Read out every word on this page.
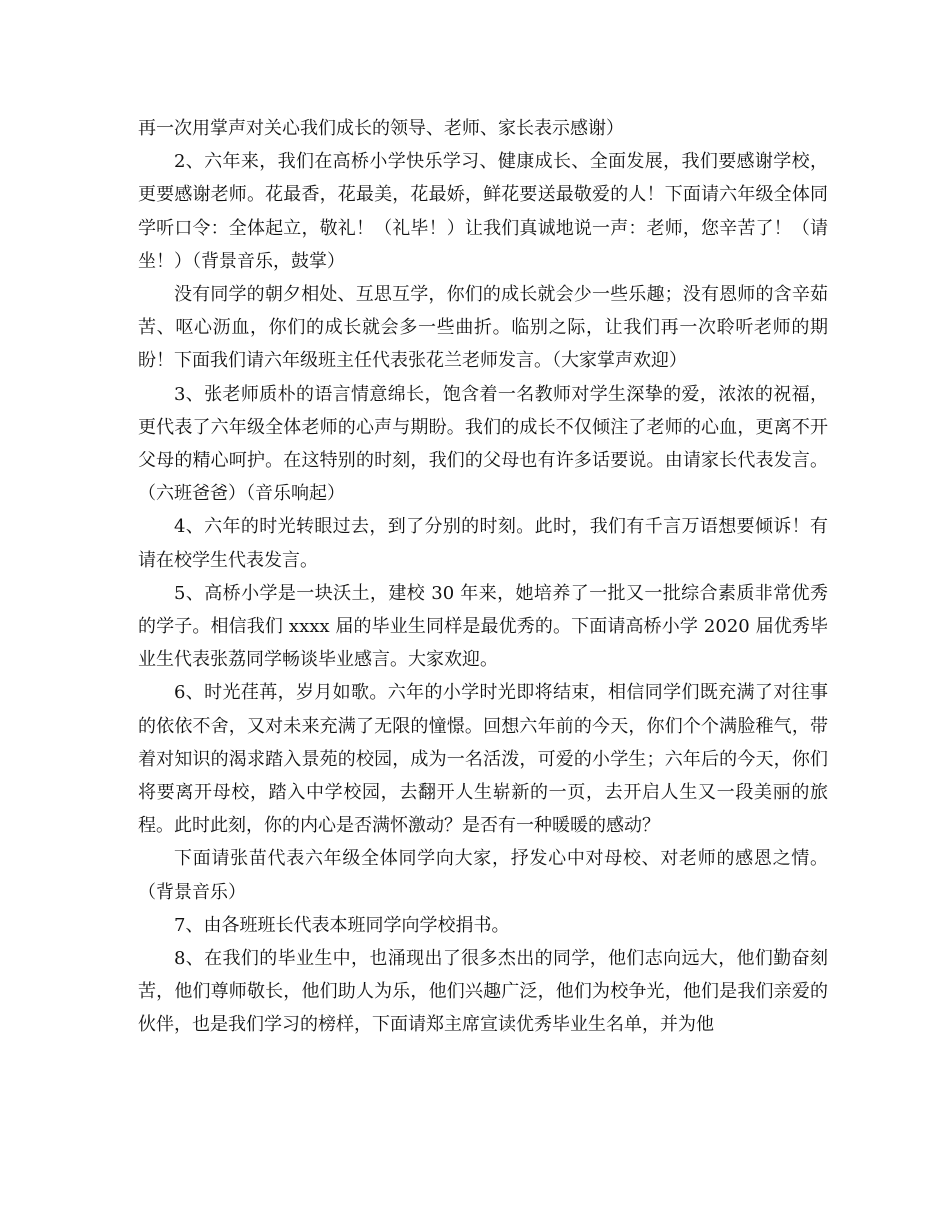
再一次用掌声对关心我们成长的领导、老师、家长表示感谢）

2、六年来，我们在高桥小学快乐学习、健康成长、全面发展，我们要感谢学校，更要感谢老师。花最香，花最美，花最娇，鲜花要送最敬爱的人！下面请六年级全体同学听口令：全体起立，敬礼！（礼毕！）让我们真诚地说一声：老师，您辛苦了！（请坐！）（背景音乐，鼓掌）

没有同学的朝夕相处、互思互学，你们的成长就会少一些乐趣；没有恩师的含辛茹苦、呕心沥血，你们的成长就会多一些曲折。临别之际，让我们再一次聆听老师的期盼！下面我们请六年级班主任代表张花兰老师发言。（大家掌声欢迎）

3、张老师质朴的语言情意绵长，饱含着一名教师对学生深挚的爱，浓浓的祝福，更代表了六年级全体老师的心声与期盼。我们的成长不仅倾注了老师的心血，更离不开父母的精心呵护。在这特别的时刻，我们的父母也有许多话要说。由请家长代表发言。（六班爸爸）（音乐响起）

4、六年的时光转眼过去，到了分别的时刻。此时，我们有千言万语想要倾诉！有请在校学生代表发言。

5、高桥小学是一块沃土，建校 30 年来，她培养了一批又一批综合素质非常优秀的学子。相信我们 xxxx 届的毕业生同样是最优秀的。下面请高桥小学 2020 届优秀毕业生代表张荔同学畅谈毕业感言。大家欢迎。

6、时光荏苒，岁月如歌。六年的小学时光即将结束，相信同学们既充满了对往事的依依不舍，又对未来充满了无限的憧憬。回想六年前的今天，你们个个满脸稚气，带着对知识的渴求踏入景苑的校园，成为一名活泼，可爱的小学生；六年后的今天，你们将要离开母校，踏入中学校园，去翻开人生崭新的一页，去开启人生又一段美丽的旅程。此时此刻，你的内心是否满怀激动？是否有一种暖暖的感动？

下面请张苗代表六年级全体同学向大家，抒发心中对母校、对老师的感恩之情。（背景音乐）

7、由各班班长代表本班同学向学校捐书。

8、在我们的毕业生中，也涌现出了很多杰出的同学，他们志向远大，他们勤奋刻苦，他们尊师敬长，他们助人为乐，他们兴趣广泛，他们为校争光，他们是我们亲爱的伙伴，也是我们学习的榜样，下面请郑主席宣读优秀毕业生名单，并为他
